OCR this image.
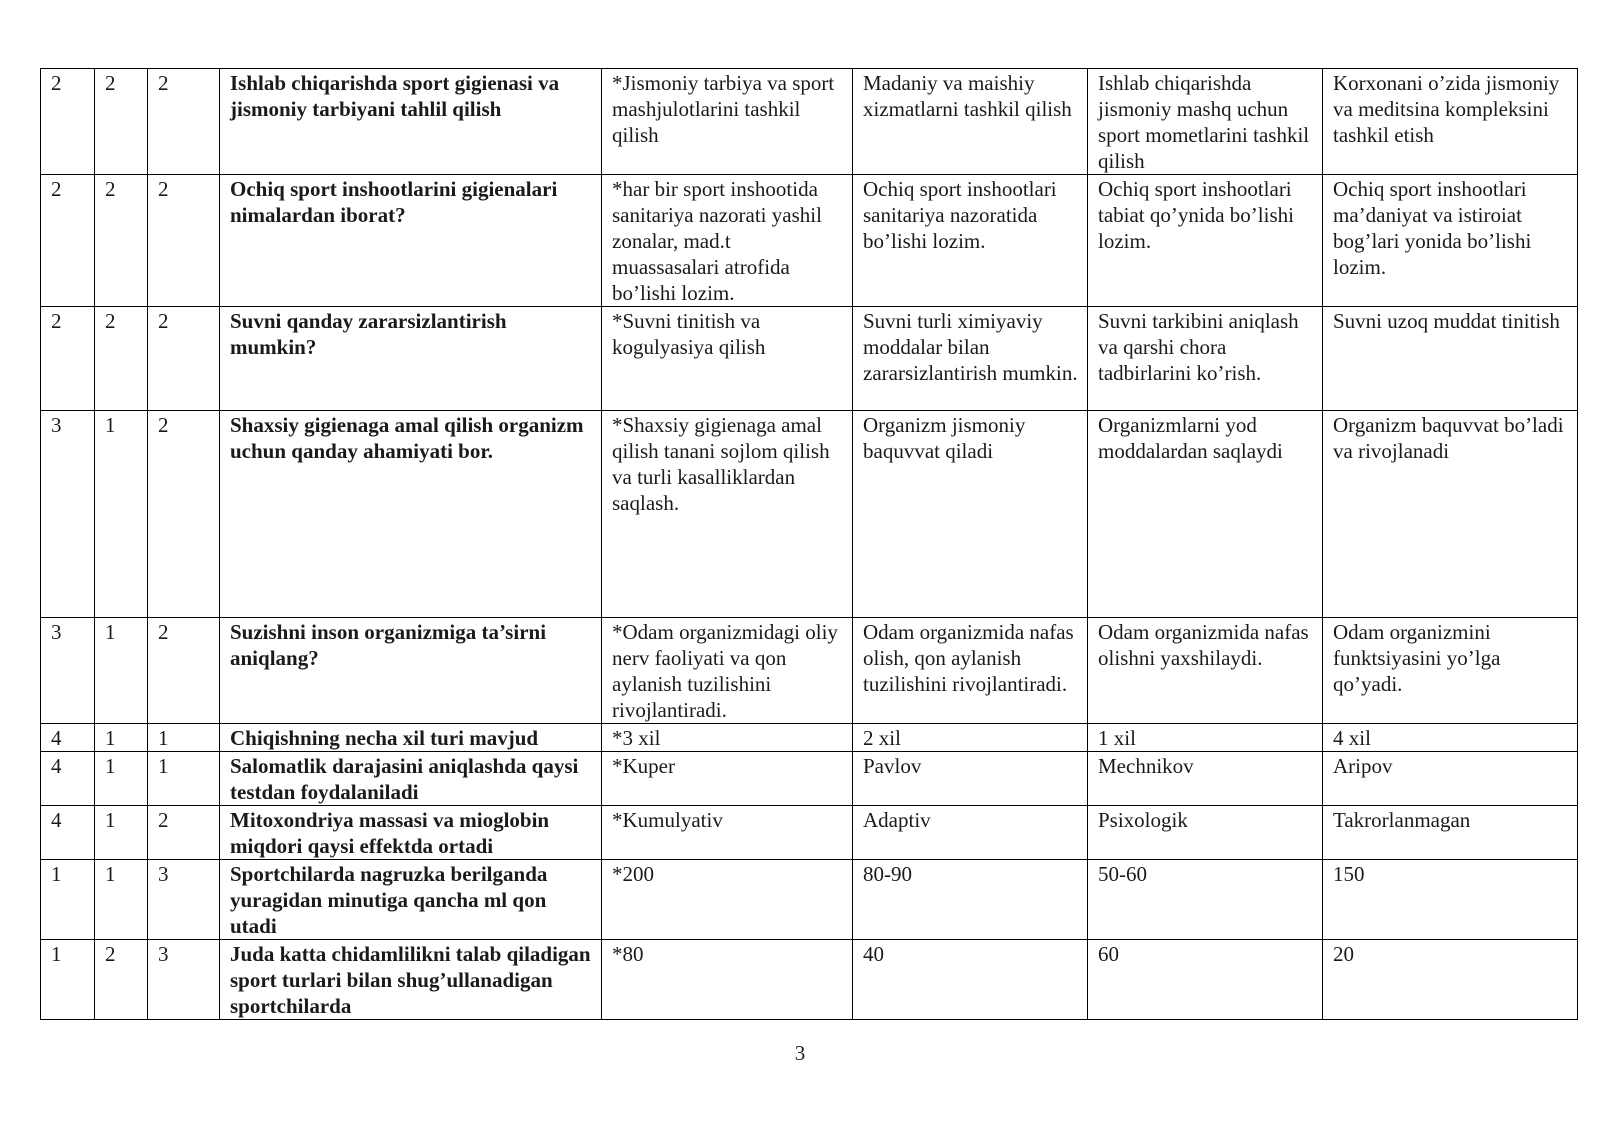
2	2	2	Ishlab chiqarishda sport gigienasi va jismoniy tarbiyani tahlil qilish	*Jismoniy tarbiya va sport mashjulotlarini tashkil qilish	Madaniy va maishiy xizmatlarni tashkil qilish	Ishlab chiqarishda jismoniy mashq uchun sport mometlarini tashkil qilish	Korxonani o’zida jismoniy va meditsina kompleksini tashkil etish
2	2	2	Ochiq sport inshootlarini gigienalari nimalardan iborat?	*har bir sport inshootida sanitariya nazorati yashil zonalar, mad.t muassasalari atrofida bo’lishi lozim.	Ochiq sport inshootlari sanitariya nazoratida bo’lishi lozim.	Ochiq sport inshootlari tabiat qo’ynida bo’lishi lozim.	Ochiq sport inshootlari ma’daniyat va istiroiat bog’lari yonida bo’lishi lozim.
2	2	2	Suvni qanday zararsizlantirish mumkin?	*Suvni tinitish va kogulyasiya qilish	Suvni turli ximiyaviy moddalar bilan zararsizlantirish mumkin.	Suvni tarkibini aniqlash va qarshi chora tadbirlarini ko’rish.	Suvni uzoq muddat tinitish
3	1	2	Shaxsiy gigienaga amal qilish organizm uchun qanday ahamiyati bor.	*Shaxsiy gigienaga amal qilish tanani sojlom qilish va turli kasalliklardan saqlash.	Organizm jismoniy baquvvat qiladi	Organizmlarni yod moddalardan saqlaydi	Organizm baquvvat bo’ladi va rivojlanadi
3	1	2	Suzishni inson organizmiga ta’sirni aniqlang?	*Odam organizmidagi oliy nerv faoliyati va qon aylanish tuzilishini rivojlantiradi.	Odam organizmida nafas olish, qon aylanish tuzilishini rivojlantiradi.	Odam organizmida nafas olishni yaxshilaydi.	Odam organizmini funktsiyasini yo’lga qo’yadi.
4	1	1	Chiqishning necha xil turi mavjud	*3 xil	2 xil	1 xil	4 xil
4	1	1	Salomatlik darajasini aniqlashda qaysi testdan foydalaniladi	*Kuper	Pavlov	Mechnikov	Aripov
4	1	2	Mitoxondriya massasi va mioglobin miqdori qaysi effektda ortadi	*Kumulyativ	Adaptiv	Psixologik	Takrorlanmagan
1	1	3	Sportchilarda nagruzka berilganda yuragidan minutiga qancha ml qon utadi	*200	80-90	50-60	150
1	2	3	Juda katta chidamlilikni talab qiladigan sport turlari bilan shug’ullanadigan sportchilarda	*80	40	60	20
3
